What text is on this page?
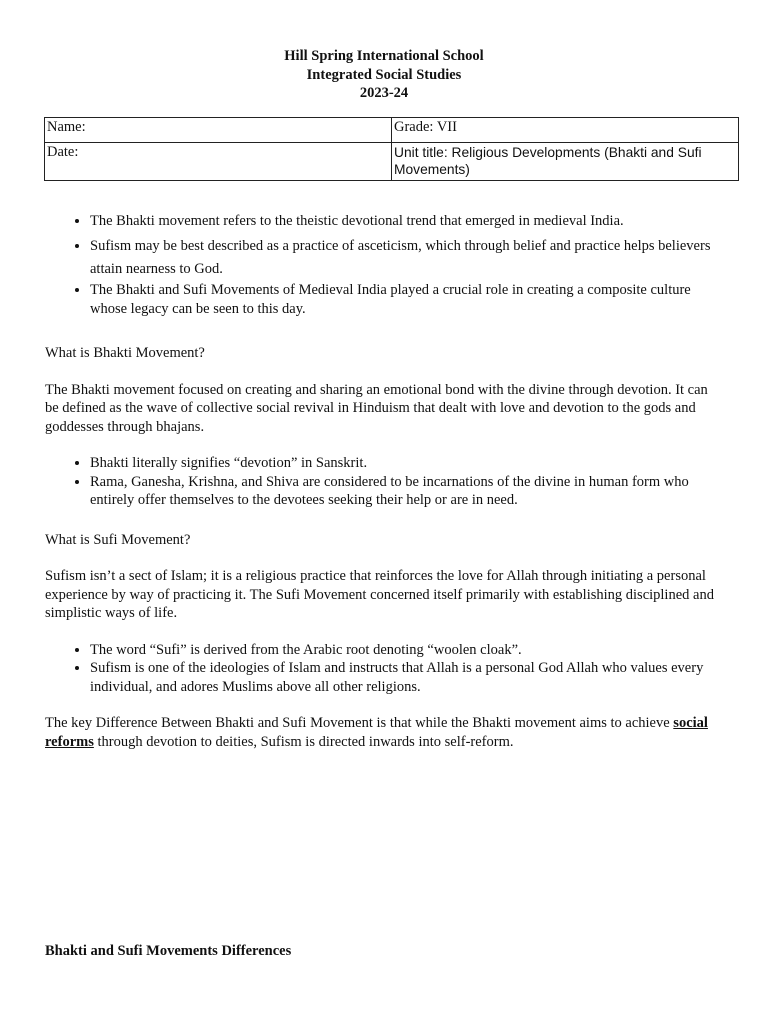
Hill Spring International School
Integrated Social Studies
2023-24
Name:	Grade: VII
Date:	Unit title: Religious Developments (Bhakti and Sufi Movements)
• The Bhakti movement refers to the theistic devotional trend that emerged in medieval India.
• Sufism may be best described as a practice of asceticism, which through belief and practice helps believers attain nearness to God.
• The Bhakti and Sufi Movements of Medieval India played a crucial role in creating a composite culture whose legacy can be seen to this day.

What is Bhakti Movement?

The Bhakti movement focused on creating and sharing an emotional bond with the divine through devotion. It can be defined as the wave of collective social revival in Hinduism that dealt with love and devotion to the gods and goddesses through bhajans.

• Bhakti literally signifies “devotion” in Sanskrit.
• Rama, Ganesha, Krishna, and Shiva are considered to be incarnations of the divine in human form who entirely offer themselves to the devotees seeking their help or are in need.

What is Sufi Movement?

Sufism isn’t a sect of Islam; it is a religious practice that reinforces the love for Allah through initiating a personal experience by way of practicing it. The Sufi Movement concerned itself primarily with establishing disciplined and simplistic ways of life.

• The word “Sufi” is derived from the Arabic root denoting “woolen cloak”.
• Sufism is one of the ideologies of Islam and instructs that Allah is a personal God Allah who values every individual, and adores Muslims above all other religions.

The key Difference Between Bhakti and Sufi Movement is that while the Bhakti movement aims to achieve social reforms through devotion to deities, Sufism is directed inwards into self-reform.

Bhakti and Sufi Movements Differences
